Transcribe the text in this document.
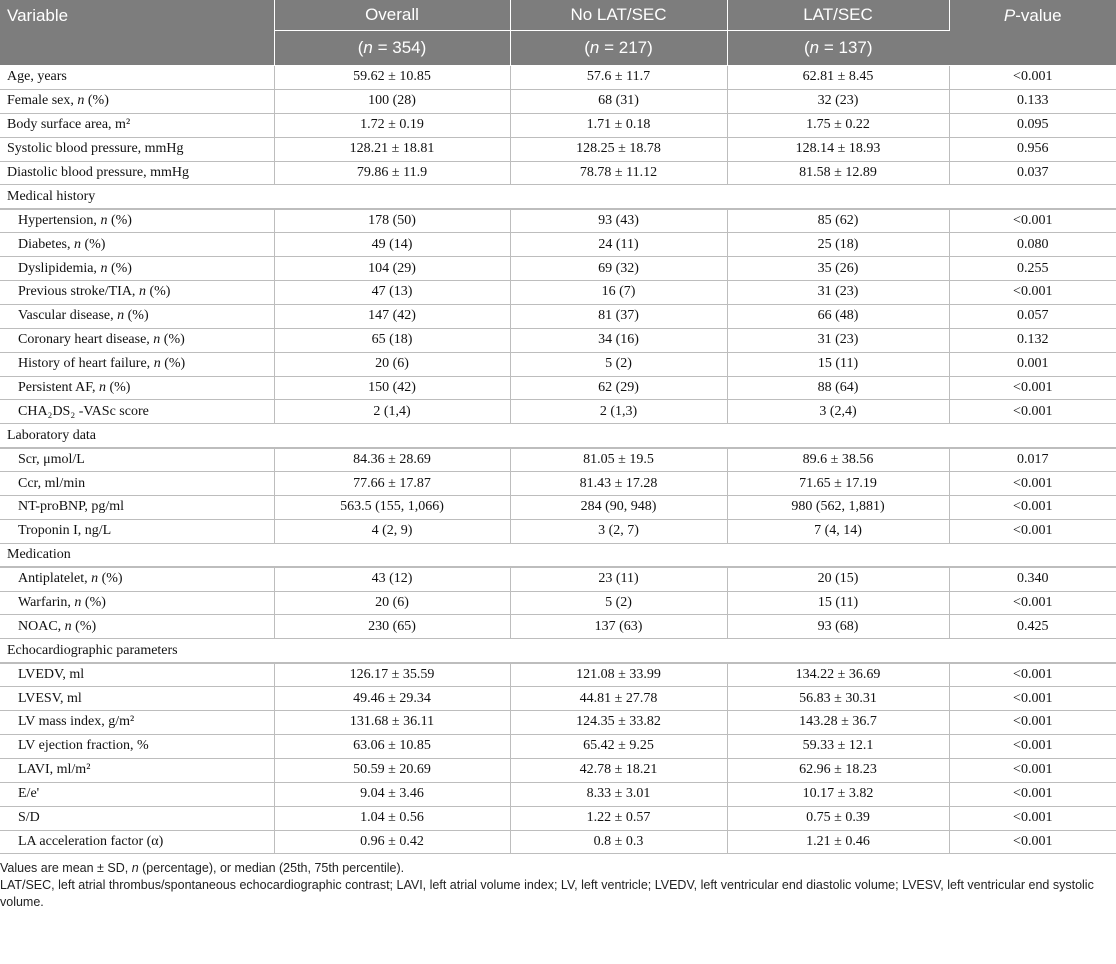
Variable	Overall	No LAT/SEC	LAT/SEC	P-value
	(n = 354)	(n = 217)	(n = 137)	
Age, years	59.62 ± 10.85	57.6 ± 11.7	62.81 ± 8.45	<0.001
Female sex, n (%)	100 (28)	68 (31)	32 (23)	0.133
Body surface area, m²	1.72 ± 0.19	1.71 ± 0.18	1.75 ± 0.22	0.095
Systolic blood pressure, mmHg	128.21 ± 18.81	128.25 ± 18.78	128.14 ± 18.93	0.956
Diastolic blood pressure, mmHg	79.86 ± 11.9	78.78 ± 11.12	81.58 ± 12.89	0.037
Medical history				
Hypertension, n (%)	178 (50)	93 (43)	85 (62)	<0.001
Diabetes, n (%)	49 (14)	24 (11)	25 (18)	0.080
Dyslipidemia, n (%)	104 (29)	69 (32)	35 (26)	0.255
Previous stroke/TIA, n (%)	47 (13)	16 (7)	31 (23)	<0.001
Vascular disease, n (%)	147 (42)	81 (37)	66 (48)	0.057
Coronary heart disease, n (%)	65 (18)	34 (16)	31 (23)	0.132
History of heart failure, n (%)	20 (6)	5 (2)	15 (11)	0.001
Persistent AF, n (%)	150 (42)	62 (29)	88 (64)	<0.001
CHA₂DS₂ -VASc score	2 (1,4)	2 (1,3)	3 (2,4)	<0.001
Laboratory data				
Scr, μmol/L	84.36 ± 28.69	81.05 ± 19.5	89.6 ± 38.56	0.017
Ccr, ml/min	77.66 ± 17.87	81.43 ± 17.28	71.65 ± 17.19	<0.001
NT-proBNP, pg/ml	563.5 (155, 1,066)	284 (90, 948)	980 (562, 1,881)	<0.001
Troponin I, ng/L	4 (2, 9)	3 (2, 7)	7 (4, 14)	<0.001
Medication				
Antiplatelet, n (%)	43 (12)	23 (11)	20 (15)	0.340
Warfarin, n (%)	20 (6)	5 (2)	15 (11)	<0.001
NOAC, n (%)	230 (65)	137 (63)	93 (68)	0.425
Echocardiographic parameters				
LVEDV, ml	126.17 ± 35.59	121.08 ± 33.99	134.22 ± 36.69	<0.001
LVESV, ml	49.46 ± 29.34	44.81 ± 27.78	56.83 ± 30.31	<0.001
LV mass index, g/m²	131.68 ± 36.11	124.35 ± 33.82	143.28 ± 36.7	<0.001
LV ejection fraction, %	63.06 ± 10.85	65.42 ± 9.25	59.33 ± 12.1	<0.001
LAVI, ml/m²	50.59 ± 20.69	42.78 ± 18.21	62.96 ± 18.23	<0.001
E/e'	9.04 ± 3.46	8.33 ± 3.01	10.17 ± 3.82	<0.001
S/D	1.04 ± 0.56	1.22 ± 0.57	0.75 ± 0.39	<0.001
LA acceleration factor (α)	0.96 ± 0.42	0.8 ± 0.3	1.21 ± 0.46	<0.001
Values are mean ± SD, n (percentage), or median (25th, 75th percentile).
LAT/SEC, left atrial thrombus/spontaneous echocardiographic contrast; LAVI, left atrial volume index; LV, left ventricle; LVEDV, left ventricular end diastolic volume; LVESV, left ventricular end systolic volume.
